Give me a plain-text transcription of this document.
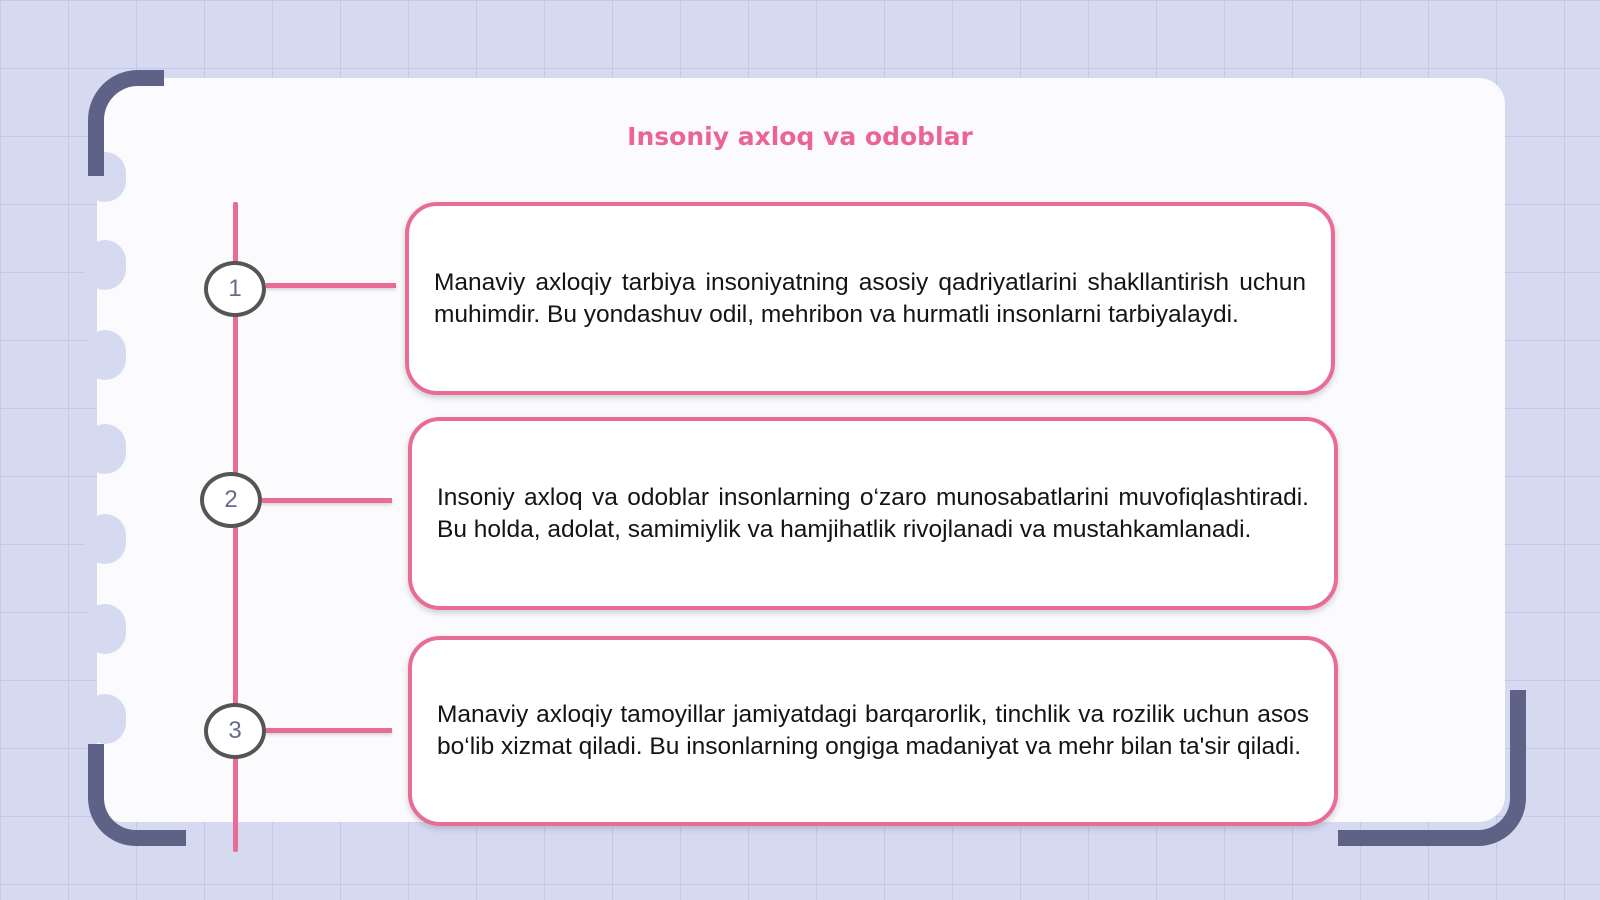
Insoniy axloq va odoblar
1	Manaviy axloqiy tarbiya insoniyatning asosiy qadriyatlarini shakllantirish uchun muhimdir. Bu yondashuv odil, mehribon va hurmatli insonlarni tarbiyalaydi.

2	Insoniy axloq va odoblar insonlarning o‘zaro munosabatlarini muvofiqlashtiradi. Bu holda, adolat, samimiylik va hamjihatlik rivojlanadi va mustahkamlanadi.

3

Manaviy axloqiy tamoyillar jamiyatdagi barqarorlik, tinchlik va rozilik uchun asos bo‘lib xizmat qiladi. Bu insonlarning ongiga madaniyat va mehr bilan ta'sir qiladi.
